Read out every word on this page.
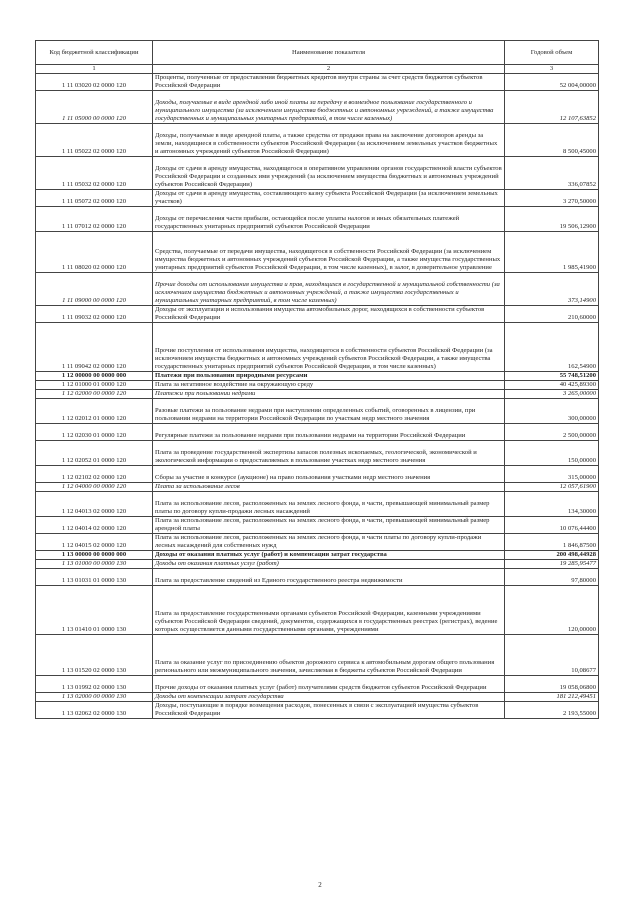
Код бюджетной классификации	Наименование показателя	Годовой объем
1	2	3
1 11 03020 02 0000 120	Проценты, полученные от предоставления бюджетных кредитов внутри страны за счет средств бюджетов субъектов Российской Федерации	52 004,00000
1 11 05000 00 0000 120	Доходы, получаемые в виде арендной либо иной платы за передачу в возмездное пользование государственного и муниципального имущества (за исключением имущества бюджетных и автономных учреждений, а также имущества государственных и муниципальных унитарных предприятий, в том числе казенных)	12 107,63852
1 11 05022 02 0000 120	Доходы, получаемые в виде арендной платы, а также средства от продажи права на заключение договоров аренды за земли, находящиеся в собственности субъектов Российской Федерации (за исключением земельных участков бюджетных и автономных учреждений субъектов Российской Федерации)	8 500,45000
1 11 05032 02 0000 120	Доходы от сдачи в аренду имущества, находящегося в оперативном управлении органов государственной власти субъектов Российской Федерации и созданных ими учреждений (за исключением имущества бюджетных и автономных учреждений субъектов Российской Федерации)	336,07852
1 11 05072 02 0000 120	Доходы от сдачи в аренду имущества, составляющего казну субъекта Российской Федерации (за исключением земельных участков)	3 270,50000
1 11 07012 02 0000 120	Доходы от перечисления части прибыли, остающейся после уплаты налогов и иных обязательных платежей государственных унитарных предприятий субъектов Российской Федерации	19 506,12900
1 11 08020 02 0000 120	Средства, получаемые от передачи имущества, находящегося в собственности Российской Федерации (за исключением имущества бюджетных и автономных учреждений субъектов Российской Федерации, а также имущества государственных унитарных предприятий субъектов Российской Федерации, в том числе казенных), в залог, в доверительное управление	1 985,41900
1 11 09000 00 0000 120	Прочие доходы от использования имущества и прав, находящихся в государственной и муниципальной собственности (за исключением имущества бюджетных и автономных учреждений, а также имущества государственных и муниципальных унитарных предприятий, в том числе казенных)	373,14900
1 11 09032 02 0000 120	Доходы от эксплуатации и использования имущества автомобильных дорог, находящихся в собственности субъектов Российской Федерации	210,60000
1 11 09042 02 0000 120	Прочие поступления от использования имущества, находящегося в собственности субъектов Российской Федерации (за исключением имущества бюджетных и автономных учреждений субъектов Российской Федерации, а также имущества государственных унитарных предприятий субъектов Российской Федерации, в том числе казенных)	162,54900
1 12 00000 00 0000 000	Платежи при пользовании природными ресурсами	55 748,51200
1 12 01000 01 0000 120	Плата за негативное воздействие на окружающую среду	40 425,89300
1 12 02000 00 0000 120	Платежи при пользовании недрами	3 265,00000
1 12 02012 01 0000 120	Разовые платежи за пользование недрами при наступлении определенных событий, оговоренных в лицензии, при пользовании недрами на территории Российской Федерации по участкам недр местного значения	300,00000
1 12 02030 01 0000 120	Регулярные платежи за пользование недрами при пользовании недрами на территории Российской Федерации	2 500,00000
1 12 02052 01 0000 120	Плата за проведение государственной экспертизы запасов полезных ископаемых, геологической, экономической и экологической информации о предоставляемых в пользование участках недр местного значения	150,00000
1 12 02102 02 0000 120	Сборы за участие в конкурсе (аукционе) на право пользования участками недр местного значения	315,00000
1 12 04000 00 0000 120	Плата за использование лесов	12 057,61900
1 12 04013 02 0000 120	Плата за использование лесов, расположенных на землях лесного фонда, в части, превышающей минимальный размер платы по договору купли-продажи лесных насаждений	134,30000
1 12 04014 02 0000 120	Плата за использование лесов, расположенных на землях лесного фонда, в части, превышающей минимальный размер арендной платы	10 076,44400
1 12 04015 02 0000 120	Плата за использование лесов, расположенных на землях лесного фонда, в части платы по договору купли-продажи лесных насаждений для собственных нужд	1 846,87500
1 13 00000 00 0000 000	Доходы от оказания платных услуг (работ) и компенсации затрат государства	200 498,44928
1 13 01000 00 0000 130	Доходы от оказания платных услуг (работ)	19 285,95477
1 13 01031 01 0000 130	Плата за предоставление сведений из Единого государственного реестра недвижимости	97,80000
1 13 01410 01 0000 130	Плата за предоставление государственными органами субъектов Российской Федерации, казенными учреждениями субъектов Российской Федерации сведений, документов, содержащихся в государственных реестрах (регистрах), ведение которых осуществляется данными государственными органами, учреждениями	120,00000
1 13 01520 02 0000 130	Плата за оказание услуг по присоединению объектов дорожного сервиса к автомобильным дорогам общего пользования регионального или межмуниципального значения, зачисляемая в бюджеты субъектов Российской Федерации	10,08677
1 13 01992 02 0000 130	Прочие доходы от оказания платных услуг (работ) получателями средств бюджетов субъектов Российской Федерации	19 058,06800
1 13 02000 00 0000 130	Доходы от компенсации затрат государства	181 212,49451
1 13 02062 02 0000 130	Доходы, поступающие в порядке возмещения расходов, понесенных в связи с эксплуатацией имущества субъектов Российской Федерации	2 193,55000
2
